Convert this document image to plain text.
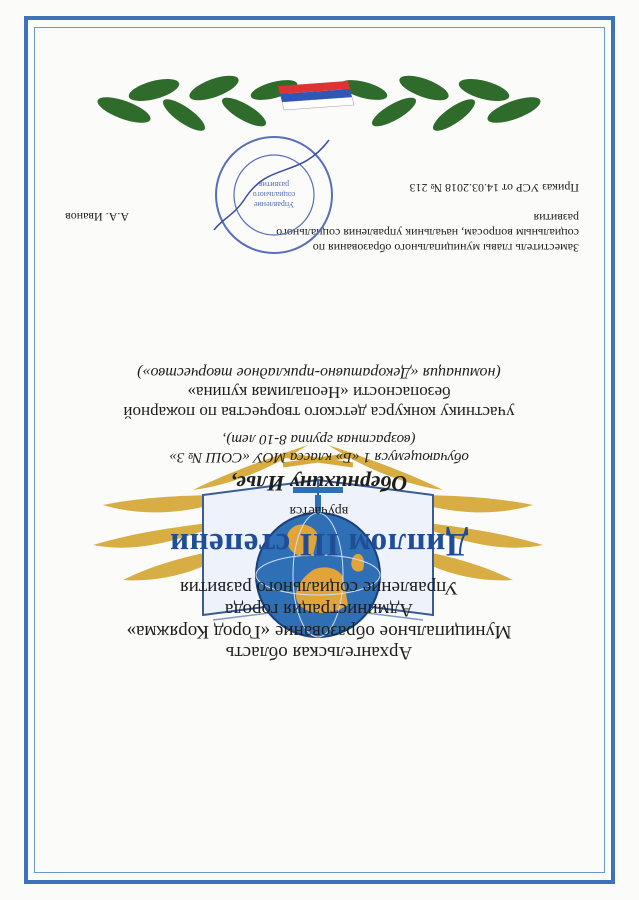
Архангельская область
Муниципальное образование «Город Коряжма»
Администрация города
Управление социального развития
Диплом III степени
вручается
Обернихину Илье,
обучающемуся 1 «Б» класса МОУ «СОШ № 3»
(возрастная группа 8-10 лет),
участнику конкурса детского творчества по пожарной безопасности «Неопалимая купина»
(номинация «Декоративно-прикладное творчество»)
Заместитель главы муниципального образования по социальным вопросам, начальник управления социального развития
А.А. Иванов
Приказ УСР от 14.03.2018 № 213
Управление
социального
развития
